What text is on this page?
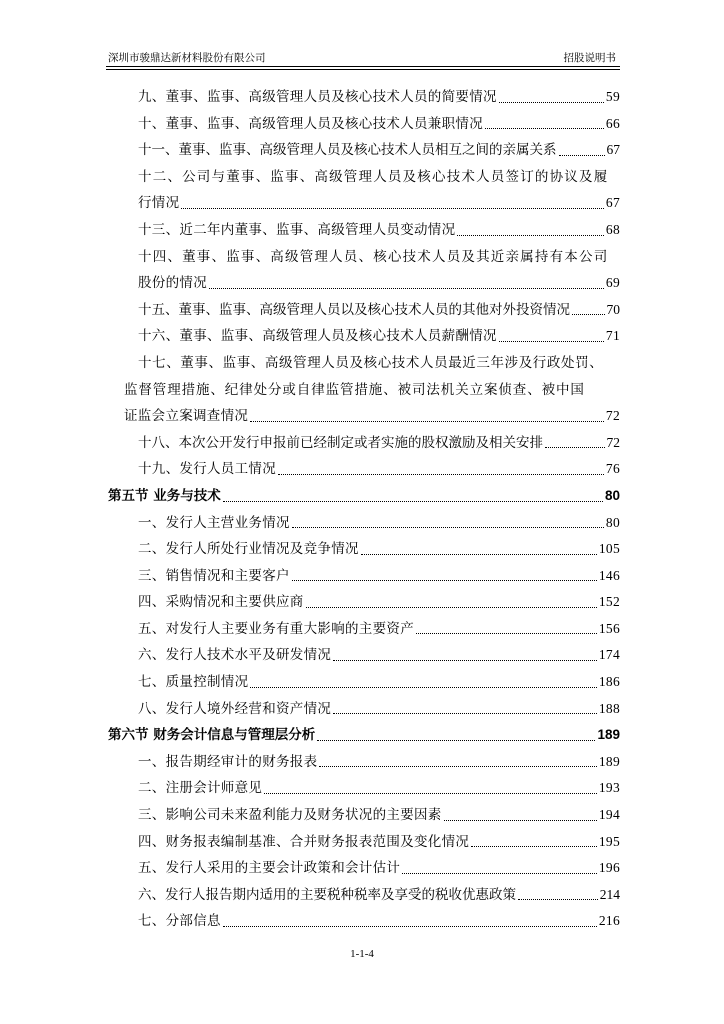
深圳市骏鼎达新材料股份有限公司	招股说明书
九、董事、监事、高级管理人员及核心技术人员的简要情况	59
十、董事、监事、高级管理人员及核心技术人员兼职情况	66
十一、董事、监事、高级管理人员及核心技术人员相互之间的亲属关系	67
十二、公司与董事、监事、高级管理人员及核心技术人员签订的协议及履
行情况	67
十三、近二年内董事、监事、高级管理人员变动情况	68
十四、董事、监事、高级管理人员、核心技术人员及其近亲属持有本公司
股份的情况	69
十五、董事、监事、高级管理人员以及核心技术人员的其他对外投资情况	70
十六、董事、监事、高级管理人员及核心技术人员薪酬情况	71
十七、董事、监事、高级管理人员及核心技术人员最近三年涉及行政处罚、
监督管理措施、纪律处分或自律监管措施、被司法机关立案侦查、被中国
证监会立案调查情况	72
十八、本次公开发行申报前已经制定或者实施的股权激励及相关安排	72
十九、发行人员工情况	76
第五节 业务与技术	80
一、发行人主营业务情况	80
二、发行人所处行业情况及竞争情况	105
三、销售情况和主要客户	146
四、采购情况和主要供应商	152
五、对发行人主要业务有重大影响的主要资产	156
六、发行人技术水平及研发情况	174
七、质量控制情况	186
八、发行人境外经营和资产情况	188
第六节 财务会计信息与管理层分析	189
一、报告期经审计的财务报表	189
二、注册会计师意见	193
三、影响公司未来盈利能力及财务状况的主要因素	194
四、财务报表编制基准、合并财务报表范围及变化情况	195
五、发行人采用的主要会计政策和会计估计	196
六、发行人报告期内适用的主要税种税率及享受的税收优惠政策	214
七、分部信息	216
1-1-4
